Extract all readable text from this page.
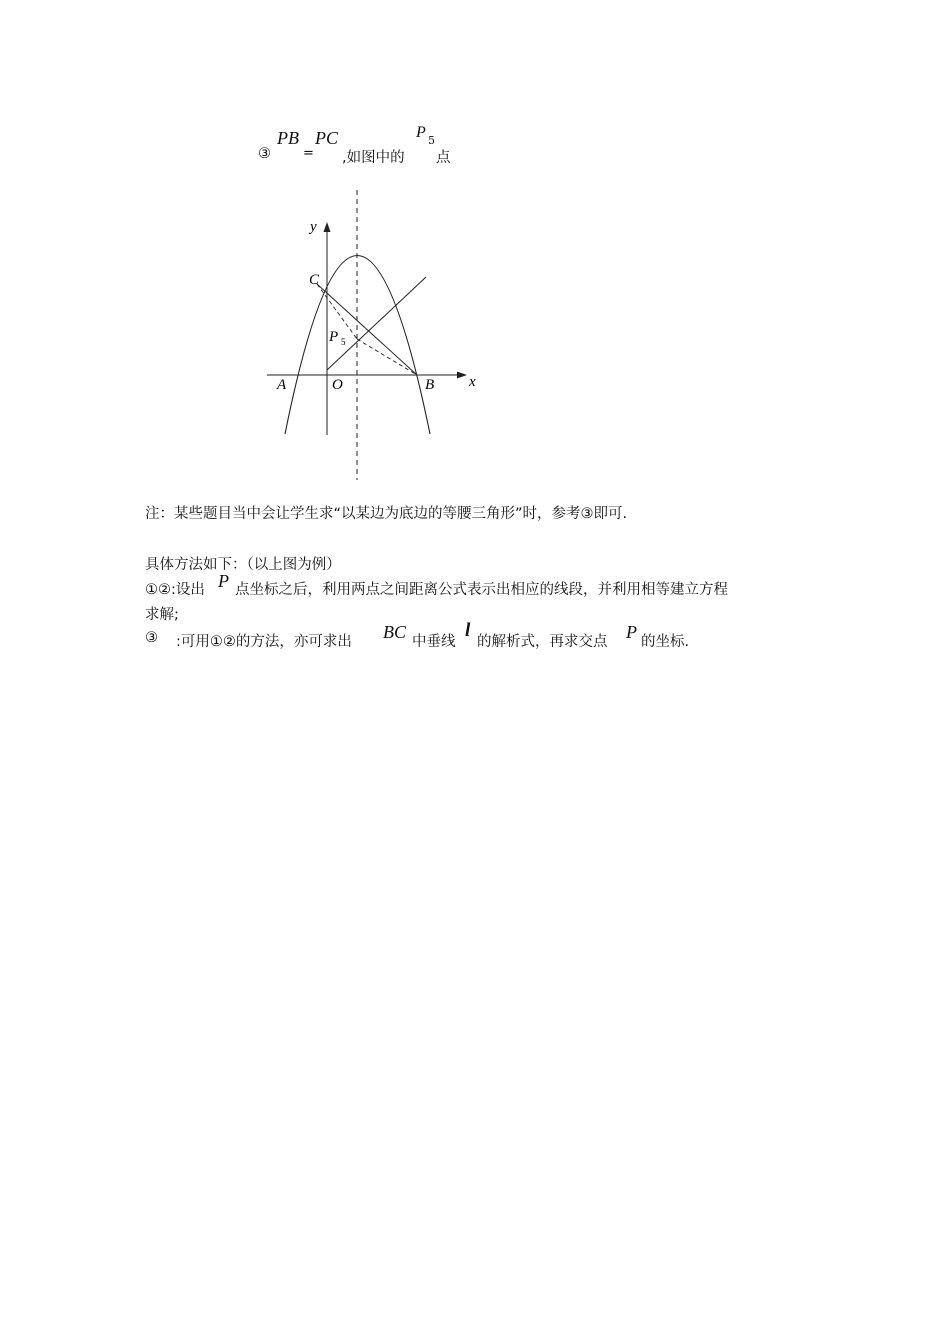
③
PB
=
PC
,如图中的
P 5
点
y
x
C
P 5
A	O	B
注：某些题目当中会让学生求“以某边为底边的等腰三角形”时，参考③即可.
具体方法如下：（以上图为例）
①②:设出 P 点坐标之后，利用两点之间距离公式表示出相应的线段，并利用相等建立方程
求解;
③ :可用①②的方法，亦可求出 BC 中垂线
l
的解析式，再求交点 P 的坐标.
